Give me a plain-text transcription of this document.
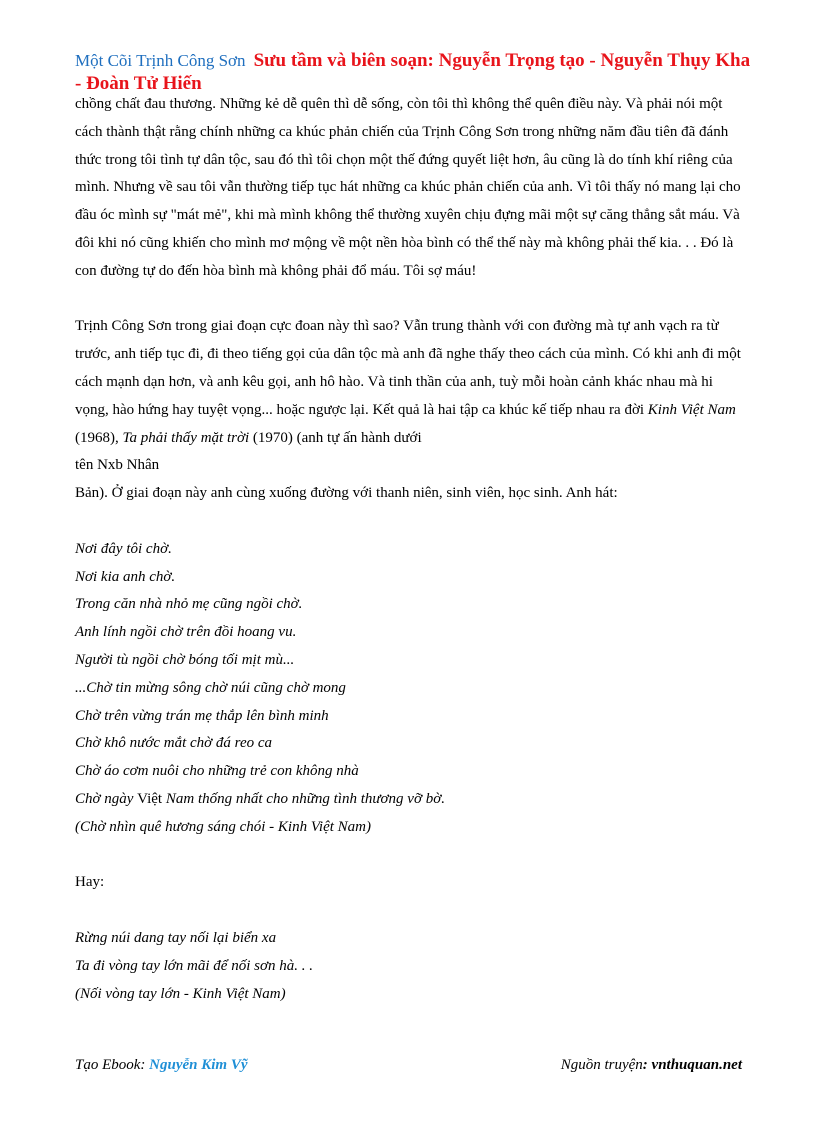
Một Cõi Trịnh Công Sơn Sưu tầm và biên soạn: Nguyễn Trọng tạo - Nguyễn Thụy Kha - Đoàn Tử Hiến

chồng chất đau thương. Những kẻ dễ quên thì dễ sống, còn tôi thì không thể quên điều này. Và phải nói một cách thành thật rằng chính những ca khúc phản chiến của Trịnh Công Sơn trong những năm đầu tiên đã đánh thức trong tôi tình tự dân tộc, sau đó thì tôi chọn một thế đứng quyết liệt hơn, âu cũng là do tính khí riêng của mình. Nhưng về sau tôi vẫn thường tiếp tục hát những ca khúc phản chiến của anh. Vì tôi thấy nó mang lại cho đầu óc mình sự "mát mẻ", khi mà mình không thể thường xuyên chịu đựng mãi một sự căng thẳng sắt máu. Và đôi khi nó cũng khiến cho mình mơ mộng về một nền hòa bình có thể thế này mà không phải thế kia. . . Đó là con đường tự do đến hòa bình mà không phải đổ máu. Tôi sợ máu!

Trịnh Công Sơn trong giai đoạn cực đoan này thì sao? Vẫn trung thành với con đường mà tự anh vạch ra từ trước, anh tiếp tục đi, đi theo tiếng gọi của dân tộc mà anh đã nghe thấy theo cách của mình. Có khi anh đi một cách mạnh dạn hơn, và anh kêu gọi, anh hô hào. Và tinh thần của anh, tuỳ mỗi hoàn cảnh khác nhau mà hi vọng, hào hứng hay tuyệt vọng... hoặc ngược lại. Kết quả là hai tập ca khúc kế tiếp nhau ra đời Kinh Việt Nam (1968), Ta phải thấy mặt trời (1970) (anh tự ấn hành dưới

tên Nxb Nhân

Bản). Ở giai đoạn này anh cùng xuống đường với thanh niên, sinh viên, học sinh. Anh hát:

Nơi đây tôi chờ.

Nơi kia anh chờ.

Trong căn nhà nhỏ mẹ cũng ngồi chờ.

Anh lính ngồi chờ trên đồi hoang vu.

Người tù ngồi chờ bóng tối mịt mù...

...Chờ tin mừng sông chờ núi cũng chờ mong

Chờ trên vừng trán mẹ thắp lên bình minh

Chờ khô nước mắt chờ đá reo ca

Chờ áo cơm nuôi cho những trẻ con không nhà

Chờ ngày Việt Nam thống nhất cho những tình thương vỡ bờ.

(Chờ nhìn quê hương sáng chói - Kinh Việt Nam)

Hay:

Rừng núi dang tay nối lại biển xa

Ta đi vòng tay lớn mãi để nối sơn hà. . .

(Nối vòng tay lớn - Kinh Việt Nam)

Tạo Ebook: Nguyễn Kim Vỹ	Nguồn truyện: vnthuquan.net
